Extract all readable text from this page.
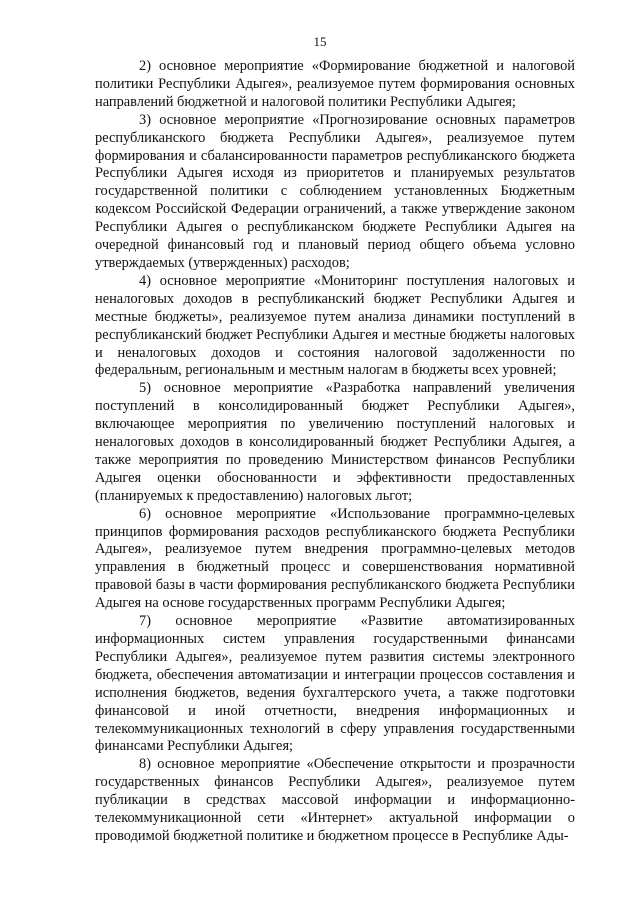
15

2) основное мероприятие «Формирование бюджетной и налоговой политики Республики Адыгея», реализуемое путем формирования основных направлений бюджетной и налоговой политики Республики Адыгея;

3) основное мероприятие «Прогнозирование основных параметров республиканского бюджета Республики Адыгея», реализуемое путем формирования и сбалансированности параметров республиканского бюджета Республики Адыгея исходя из приоритетов и планируемых результатов государственной политики с соблюдением установленных Бюджетным кодексом Российской Федерации ограничений, а также утверждение законом Республики Адыгея о республиканском бюджете Республики Адыгея на очередной финансовый год и плановый период общего объема условно утверждаемых (утвержденных) расходов;

4) основное мероприятие «Мониторинг поступления налоговых и неналоговых доходов в республиканский бюджет Республики Адыгея и местные бюджеты», реализуемое путем анализа динамики поступлений в республиканский бюджет Республики Адыгея и местные бюджеты налоговых и неналоговых доходов и состояния налоговой задолженности по федеральным, региональным и местным налогам в бюджеты всех уровней;

5) основное мероприятие «Разработка направлений увеличения поступлений в консолидированный бюджет Республики Адыгея», включающее мероприятия по увеличению поступлений налоговых и неналоговых доходов в консолидированный бюджет Республики Адыгея, а также мероприятия по проведению Министерством финансов Республики Адыгея оценки обоснованности и эффективности предоставленных (планируемых к предоставлению) налоговых льгот;

6) основное мероприятие «Использование программно-целевых принципов формирования расходов республиканского бюджета Республики Адыгея», реализуемое путем внедрения программно-целевых методов управления в бюджетный процесс и совершенствования нормативной правовой базы в части формирования республиканского бюджета Республики Адыгея на основе государственных программ Республики Адыгея;

7) основное мероприятие «Развитие автоматизированных информационных систем управления государственными финансами Республики Адыгея», реализуемое путем развития системы электронного бюджета, обеспечения автоматизации и интеграции процессов составления и исполнения бюджетов, ведения бухгалтерского учета, а также подготовки финансовой и иной отчетности, внедрения информационных и телекоммуникационных технологий в сферу управления государственными финансами Республики Адыгея;

8) основное мероприятие «Обеспечение открытости и прозрачности государственных финансов Республики Адыгея», реализуемое путем публикации в средствах массовой информации и информационно-телекоммуникационной сети «Интернет» актуальной информации о проводимой бюджетной политике и бюджетном процессе в Республике Ады-
